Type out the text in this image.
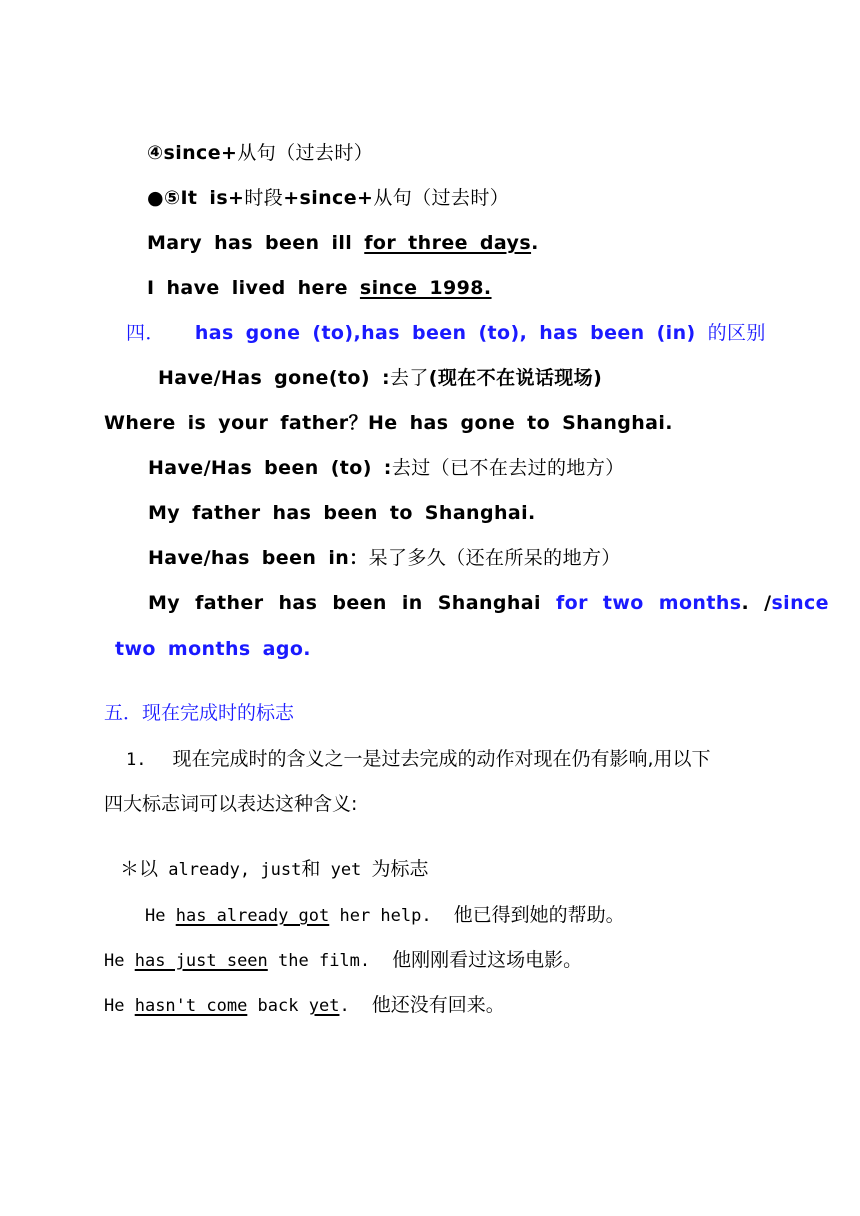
④since+从句（过去时）
●⑤It is+时段+since+从句（过去时）
Mary has been ill for three days.
I have lived here since 1998.
四． has gone (to),has been (to), has been (in) 的区别
Have/Has gone(to) :去了(现在不在说话现场)
Where is your father？He has gone to Shanghai.
Have/Has been (to) :去过（已不在去过的地方）
My father has been to Shanghai.
Have/has been in：呆了多久（还在所呆的地方）
My father has been in Shanghai for two months. /since
two months ago.
五．现在完成时的标志
1. 现在完成时的含义之一是过去完成的动作对现在仍有影响,用以下
四大标志词可以表达这种含义:
＊以 already, just和 yet 为标志
He has already got her help. 他已得到她的帮助。
He has just seen the film. 他刚刚看过这场电影。
He hasn't come back yet. 他还没有回来。
